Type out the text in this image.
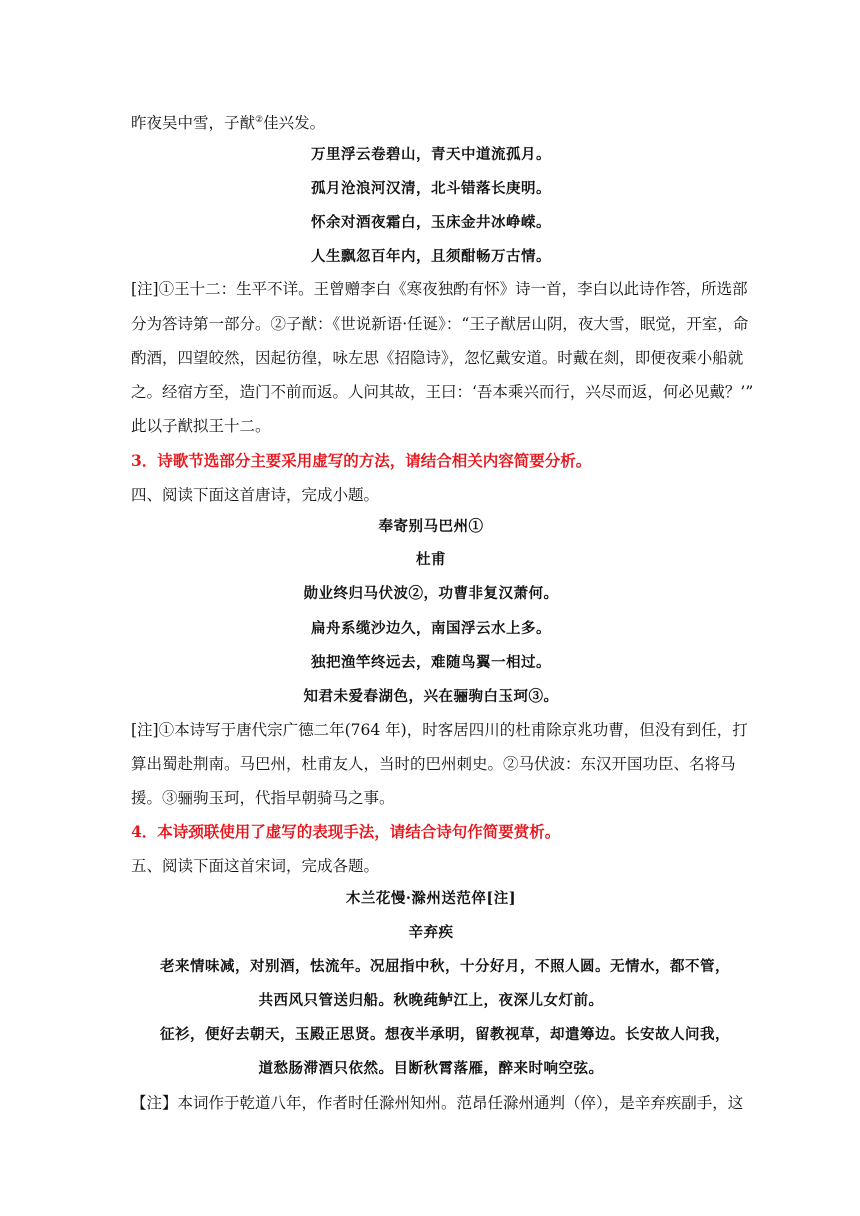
昨夜吴中雪，子猷②佳兴发。
万里浮云卷碧山，青天中道流孤月。
孤月沧浪河汉清，北斗错落长庚明。
怀余对酒夜霜白，玉床金井冰峥嵘。
人生飘忽百年内，且须酣畅万古情。
[注]①王十二：生平不详。王曾赠李白《寒夜独酌有怀》诗一首，李白以此诗作答，所选部
分为答诗第一部分。②子猷：《世说新语·任诞》：“王子猷居山阴，夜大雪，眠觉，开室，命
酌酒，四望皎然，因起彷徨，咏左思《招隐诗》，忽忆戴安道。时戴在剡，即便夜乘小船就
之。经宿方至，造门不前而返。人问其故，王曰：‘吾本乘兴而行，兴尽而返，何必见戴？’”
此以子猷拟王十二。
3．诗歌节选部分主要采用虚写的方法，请结合相关内容简要分析。
四、阅读下面这首唐诗，完成小题。
奉寄别马巴州①
杜甫
勋业终归马伏波②，功曹非复汉萧何。
扁舟系缆沙边久，南国浮云水上多。
独把渔竿终远去，难随鸟翼一相过。
知君未爱春湖色，兴在骊驹白玉珂③。
[注]①本诗写于唐代宗广德二年(764 年)，时客居四川的杜甫除京兆功曹，但没有到任，打
算出蜀赴荆南。马巴州，杜甫友人，当时的巴州刺史。②马伏波：东汉开国功臣、名将马
援。③骊驹玉珂，代指早朝骑马之事。
4．本诗颈联使用了虚写的表现手法，请结合诗句作简要赏析。
五、阅读下面这首宋词，完成各题。
木兰花慢·滁州送范倅[注]
辛弃疾
老来情味减，对别酒，怯流年。况屈指中秋，十分好月，不照人圆。无情水，都不管，
共西风只管送归船。秋晚莼鲈江上，夜深儿女灯前。
征衫，便好去朝天，玉殿正思贤。想夜半承明，留教视草，却遣筹边。长安故人问我，
道愁肠滞酒只依然。目断秋霄落雁，醉来时响空弦。
【注】本词作于乾道八年，作者时任滁州知州。范昂任滁州通判（倅），是辛弃疾副手，这
